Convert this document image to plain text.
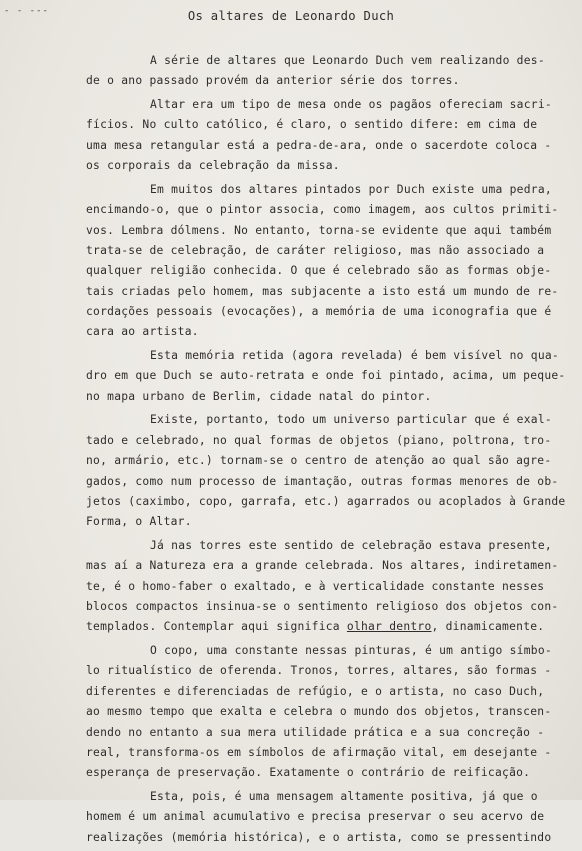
- - ---	Os altares de Leonardo Duch
A série de altares que Leonardo Duch vem realizando des-
de o ano passado provém da anterior série dos torres.
Altar era um tipo de mesa onde os pagãos ofereciam sacri-
fícios. No culto católico, é claro, o sentido difere: em cima de
uma mesa retangular está a pedra-de-ara, onde o sacerdote coloca -
os corporais da celebração da missa.
Em muitos dos altares pintados por Duch existe uma pedra,
encimando-o, que o pintor associa, como imagem, aos cultos primiti-
vos. Lembra dólmens. No entanto, torna-se evidente que aqui também
trata-se de celebração, de caráter religioso, mas não associado a
qualquer religião conhecida. O que é celebrado são as formas obje-
tais criadas pelo homem, mas subjacente a isto está um mundo de re-
cordações pessoais (evocações), a memória de uma iconografia que é
cara ao artista.
Esta memória retida (agora revelada) é bem visível no qua-
dro em que Duch se auto-retrata e onde foi pintado, acima, um peque-
no mapa urbano de Berlim, cidade natal do pintor.
Existe, portanto, todo um universo particular que é exal-
tado e celebrado, no qual formas de objetos (piano, poltrona, tro-
no, armário, etc.) tornam-se o centro de atenção ao qual são agre-
gados, como num processo de imantação, outras formas menores de ob-
jetos (caximbo, copo, garrafa, etc.) agarrados ou acoplados à Grande
Forma, o Altar.
Já nas torres este sentido de celebração estava presente,
mas aí a Natureza era a grande celebrada. Nos altares, indiretamen-
te, é o homo-faber o exaltado, e à verticalidade constante nesses
blocos compactos insinua-se o sentimento religioso dos objetos con-
templados. Contemplar aqui significa olhar dentro, dinamicamente.
O copo, uma constante nessas pinturas, é um antigo símbo-
lo ritualístico de oferenda. Tronos, torres, altares, são formas -
diferentes e diferenciadas de refúgio, e o artista, no caso Duch,
ao mesmo tempo que exalta e celebra o mundo dos objetos, transcen-
dendo no entanto a sua mera utilidade prática e a sua concreção -
real, transforma-os em símbolos de afirmação vital, em desejante -
esperança de preservação. Exatamente o contrário de reificação.
Esta, pois, é uma mensagem altamente positiva, já que o
homem é um animal acumulativo e precisa preservar o seu acervo de
realizações (memória histórica), e o artista, como se pressentindo
